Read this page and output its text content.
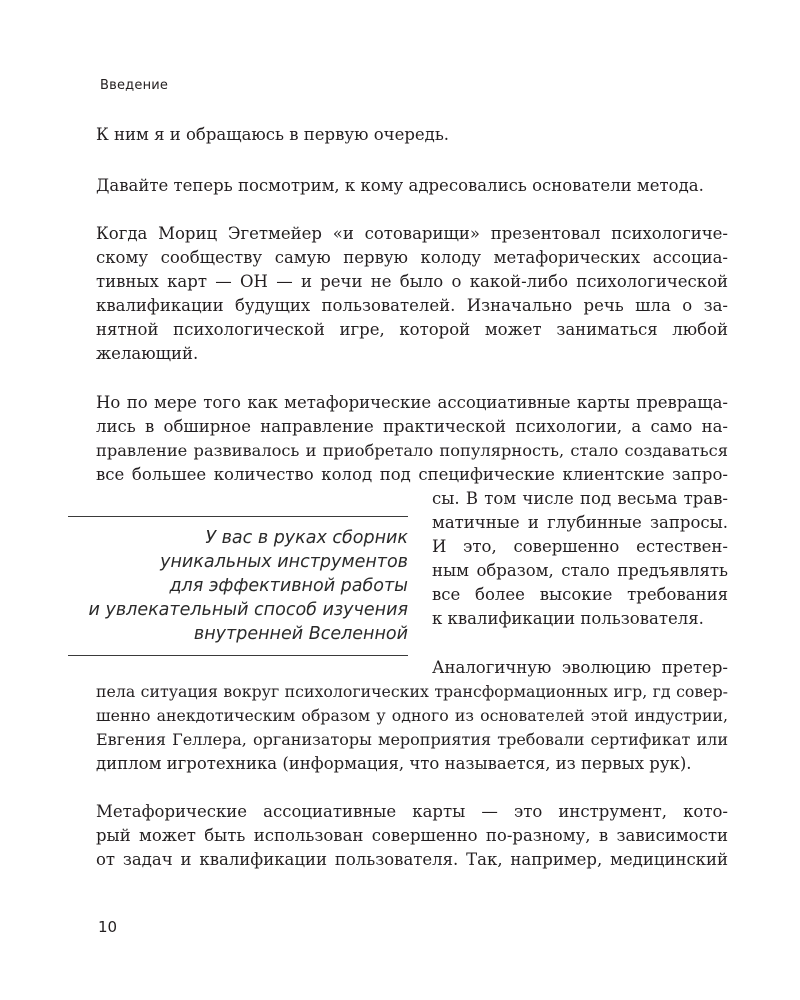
Введение
К ним я и обращаюсь в первую очередь.
Давайте теперь посмотрим, к кому адресовались основатели метода.
Когда Мориц Эгетмейер «и сотоварищи» презентовал психологиче-
скому сообществу самую первую колоду метафорических ассоциа-
тивных карт — ОН — и речи не было о какой-либо психологической
квалификации будущих пользователей. Изначально речь шла о за-
нятной психологической игре, которой может заниматься любой
желающий.
Но по мере того как метафорические ассоциативные карты превраща-
лись в обширное направление практической психологии, а само на-
правление развивалось и приобретало популярность, стало создаваться
все большее количество колод под специфические клиентские запро-
сы. В том числе под весьма трав-
матичные и глубинные запросы.
И это, совершенно естествен-
ным образом, стало предъявлять
все более высокие требования
к квалификации пользователя.
У вас в руках сборник
уникальных инструментов
для эффективной работы
и увлекательный способ изучения
внутренней Вселенной
Аналогичную эволюцию претер-
пела ситуация вокруг психологических трансформационных игр, гд совер-
шенно анекдотическим образом у одного из основателей этой индустрии,
Евгения Геллера, организаторы мероприятия требовали сертификат или
диплом игротехника (информация, что называется, из первых рук).
Метафорические ассоциативные карты — это инструмент, кото-
рый может быть использован совершенно по-разному, в зависимости
от задач и квалификации пользователя. Так, например, медицинский
10
